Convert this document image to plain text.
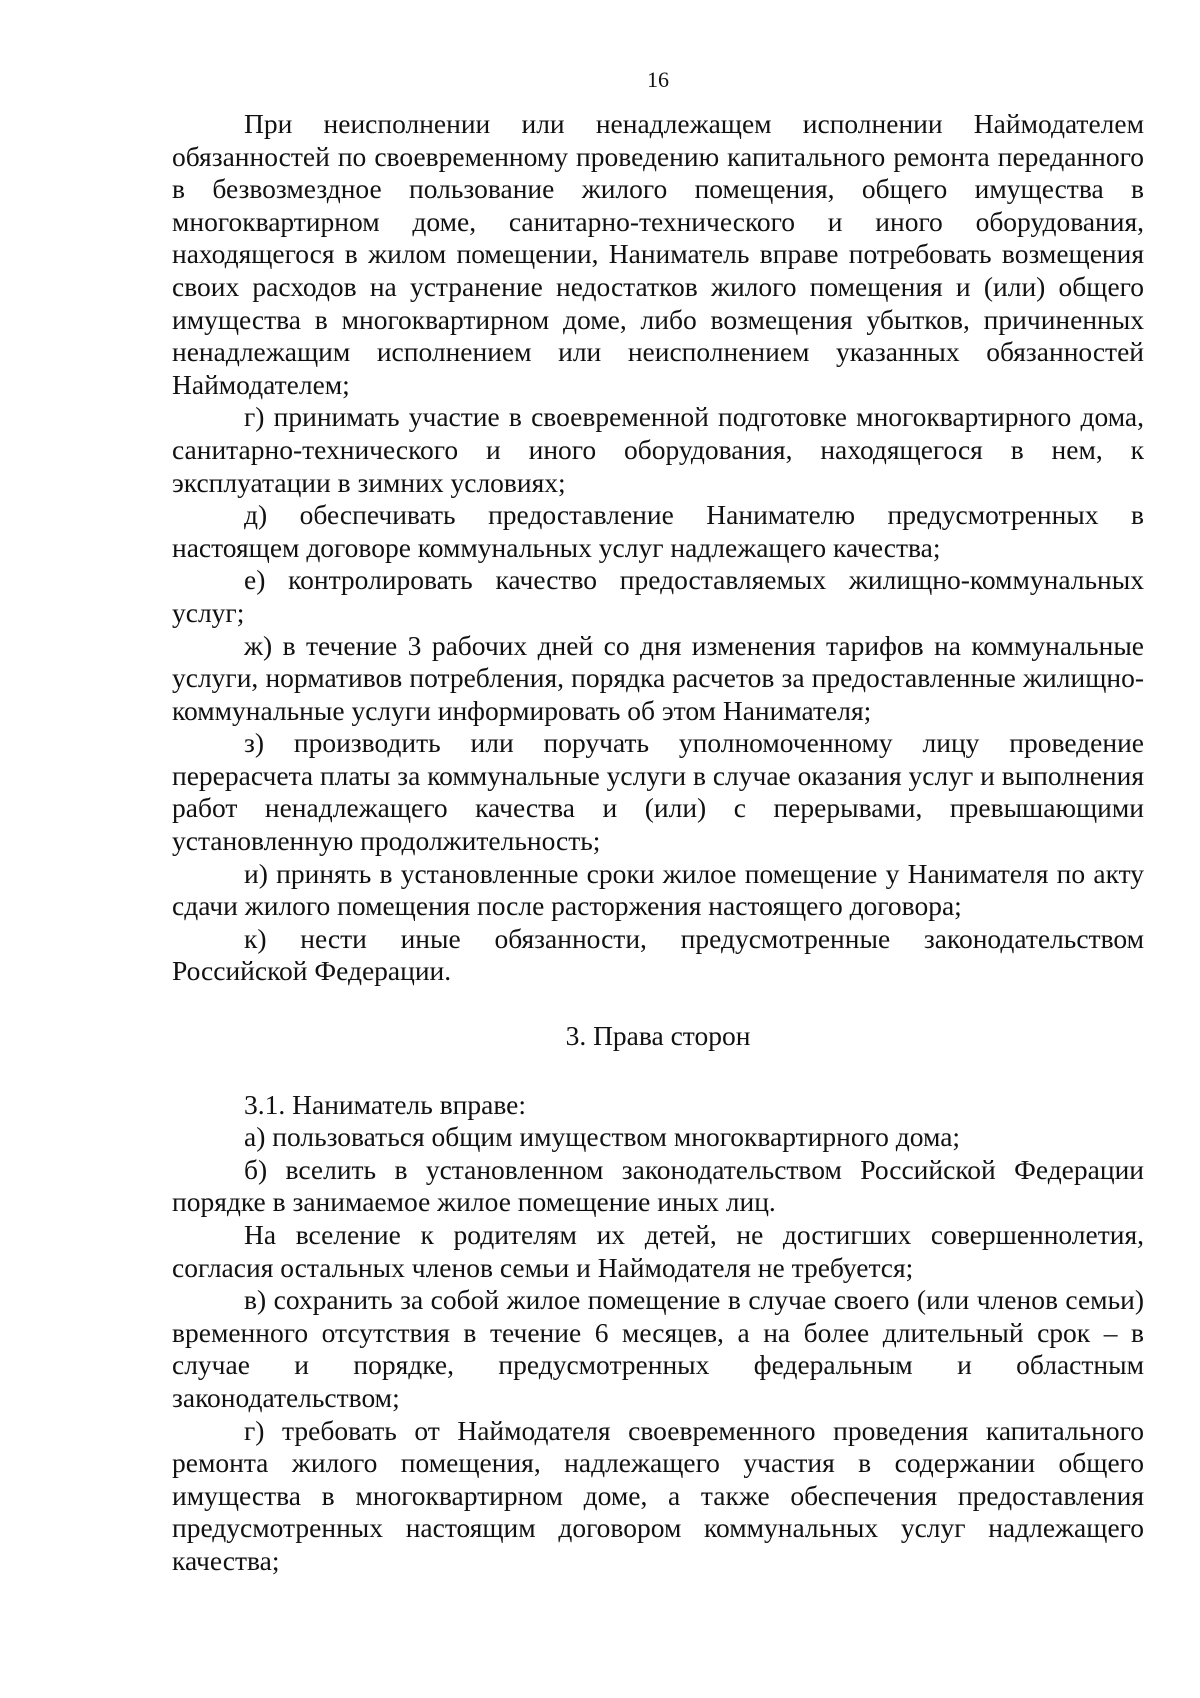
16

При неисполнении или ненадлежащем исполнении Наймодателем обязанностей по своевременному проведению капитального ремонта переданного в безвозмездное пользование жилого помещения, общего имущества в многоквартирном доме, санитарно-технического и иного оборудования, находящегося в жилом помещении, Наниматель вправе потребовать возмещения своих расходов на устранение недостатков жилого помещения и (или) общего имущества в многоквартирном доме, либо возмещения убытков, причиненных ненадлежащим исполнением или неисполнением указанных обязанностей Наймодателем;

г) принимать участие в своевременной подготовке многоквартирного дома, санитарно-технического и иного оборудования, находящегося в нем, к эксплуатации в зимних условиях;

д) обеспечивать предоставление Нанимателю предусмотренных в настоящем договоре коммунальных услуг надлежащего качества;

е) контролировать качество предоставляемых жилищно-коммунальных услуг;

ж) в течение 3 рабочих дней со дня изменения тарифов на коммунальные услуги, нормативов потребления, порядка расчетов за предоставленные жилищно-коммунальные услуги информировать об этом Нанимателя;

з) производить или поручать уполномоченному лицу проведение перерасчета платы за коммунальные услуги в случае оказания услуг и выполнения работ ненадлежащего качества и (или) с перерывами, превышающими установленную продолжительность;

и) принять в установленные сроки жилое помещение у Нанимателя по акту сдачи жилого помещения после расторжения настоящего договора;

к) нести иные обязанности, предусмотренные законодательством Российской Федерации.

3. Права сторон

3.1. Наниматель вправе:

а) пользоваться общим имуществом многоквартирного дома;

б) вселить в установленном законодательством Российской Федерации порядке в занимаемое жилое помещение иных лиц.

На вселение к родителям их детей, не достигших совершеннолетия, согласия остальных членов семьи и Наймодателя не требуется;

в) сохранить за собой жилое помещение в случае своего (или членов семьи) временного отсутствия в течение 6 месяцев, а на более длительный срок – в случае и порядке, предусмотренных федеральным и областным законодательством;

г) требовать от Наймодателя своевременного проведения капитального ремонта жилого помещения, надлежащего участия в содержании общего имущества в многоквартирном доме, а также обеспечения предоставления предусмотренных настоящим договором коммунальных услуг надлежащего качества;
